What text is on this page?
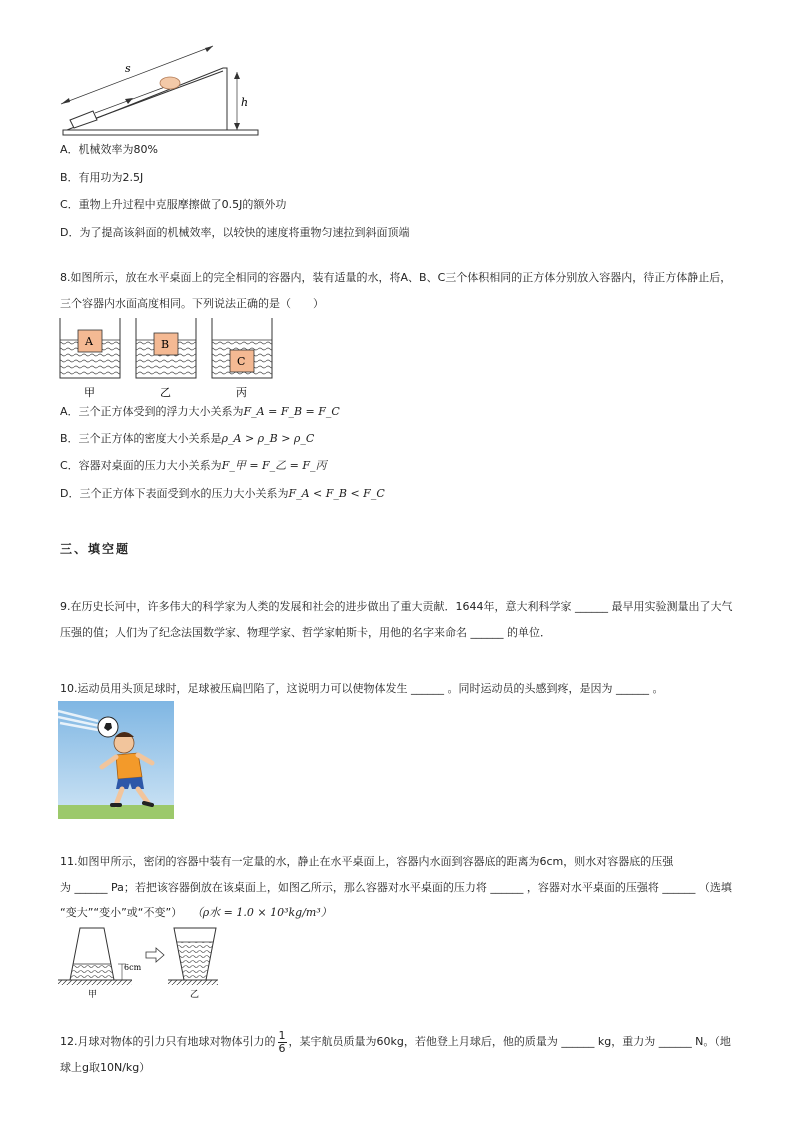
s
h
A．机械效率为80%
B．有用功为2.5J
C．重物上升过程中克服摩擦做了0.5J的额外功
D．为了提高该斜面的机械效率，以较快的速度将重物匀速拉到斜面顶端
8.如图所示，放在水平桌面上的完全相同的容器内，装有适量的水，将A、B、C三个体积相同的正方体分别放入容器内，待正方体静止后，
三个容器内水面高度相同。下列说法正确的是（　　）
A	B
C
甲	乙	丙
A．三个正方体受到的浮力大小关系为F_A = F_B = F_C
B．三个正方体的密度大小关系是ρ_A > ρ_B > ρ_C
C．容器对桌面的压力大小关系为F_甲 = F_乙 = F_丙
D．三个正方体下表面受到水的压力大小关系为F_A < F_B < F_C
三、填空题
9.在历史长河中，许多伟大的科学家为人类的发展和社会的进步做出了重大贡献．1644年，意大利科学家 ______ 最早用实验测量出了大气
压强的值；人们为了纪念法国数学家、物理学家、哲学家帕斯卡，用他的名字来命名 ______ 的单位．
10.运动员用头顶足球时，足球被压扁凹陷了，这说明力可以使物体发生 ______ 。同时运动员的头感到疼，是因为 ______ 。
11.如图甲所示，密闭的容器中装有一定量的水，静止在水平桌面上，容器内水面到容器底的距离为6cm，则水对容器底的压强
为 ______ Pa；若把该容器倒放在该桌面上，如图乙所示，那么容器对水平桌面的压力将 ______ ，容器对水平桌面的压强将 ______ （选填
“变大”“变小”或“不变”） （ρ水 = 1.0 × 10³kg/m³）
6cm
甲	乙
12.月球对物体的引力只有地球对物体引力的 $\frac{1}{6}$ ，某宇航员质量为60kg，若他登上月球后，他的质量为 ______ kg，重力为 ______ N。（地
球上g取10N/kg）
